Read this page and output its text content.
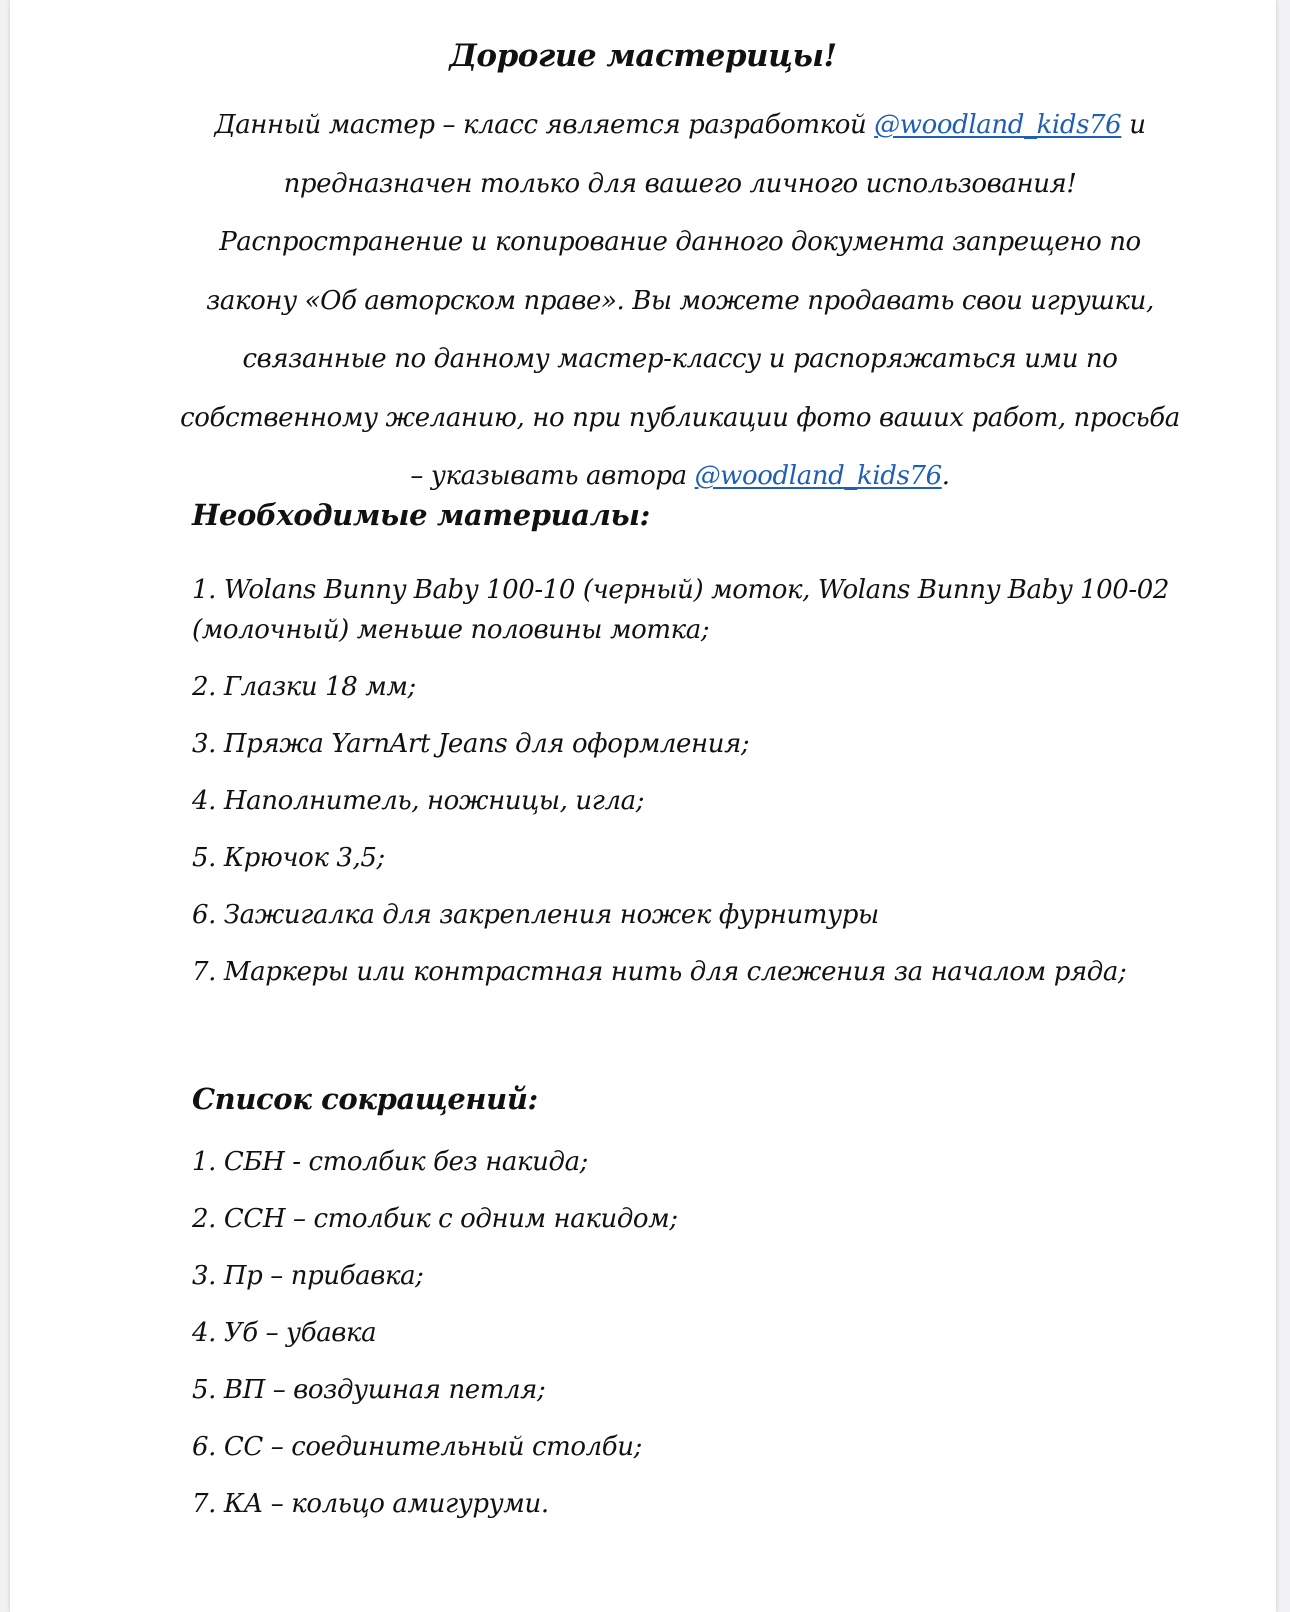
Дорогие мастерицы!

Данный мастер – класс является разработкой @woodland_kids76 и предназначен только для вашего личного использования! Распространение и копирование данного документа запрещено по закону «Об авторском праве». Вы можете продавать свои игрушки, связанные по данному мастер-классу и распоряжаться ими по собственному желанию, но при публикации фото ваших работ, просьба – указывать автора @woodland_kids76.

Необходимые материалы:
1. Wolans Bunny Baby 100-10 (черный) моток, Wolans Bunny Baby 100-02 (молочный) меньше половины мотка;
2. Глазки 18 мм;
3. Пряжа YarnArt Jeans для оформления;
4. Наполнитель, ножницы, игла;
5. Крючок 3,5;
6. Зажигалка для закрепления ножек фурнитуры
7. Маркеры или контрастная нить для слежения за началом ряда;
Список сокращений:
1. СБН - столбик без накида;
2. ССН – столбик с одним накидом;
3. Пр – прибавка;
4. Уб – убавка
5. ВП – воздушная петля;
6. СС – соединительный столби;
7. КА – кольцо амигуруми.
